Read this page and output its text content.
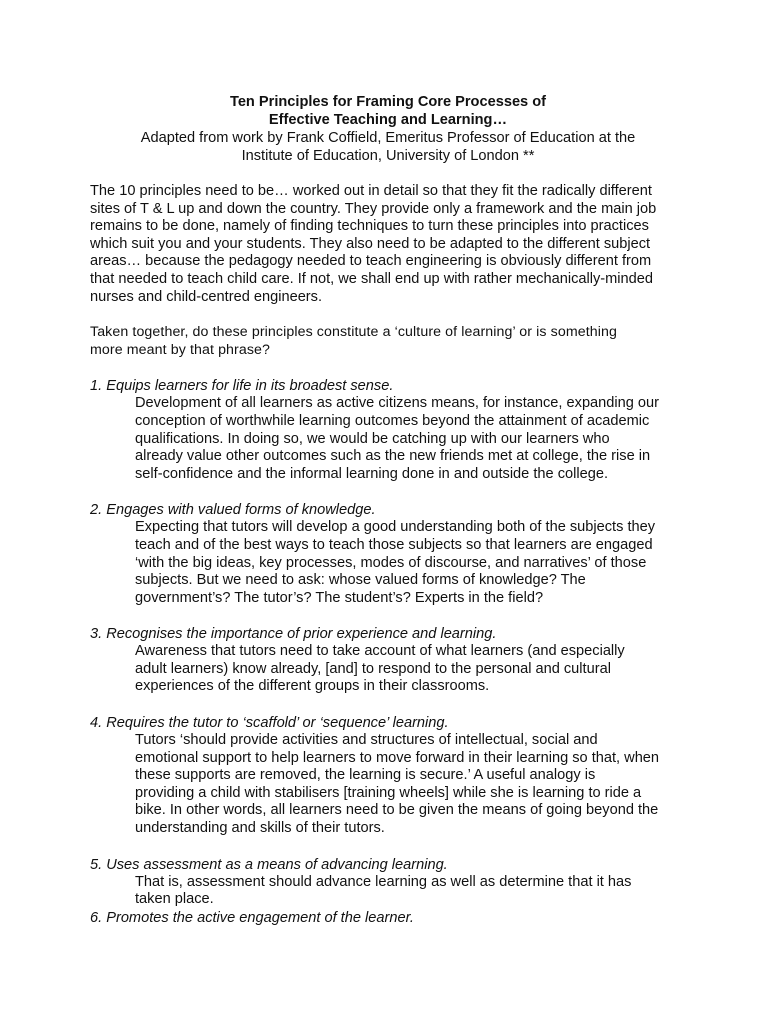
Ten Principles for Framing Core Processes of
Effective Teaching and Learning…

Adapted from work by Frank Coffield, Emeritus Professor of Education at the
Institute of Education, University of London **

The 10 principles need to be… worked out in detail so that they fit the radically different
sites of T & L up and down the country. They provide only a framework and the main job
remains to be done, namely of finding techniques to turn these principles into practices
which suit you and your students. They also need to be adapted to the different subject
areas… because the pedagogy needed to teach engineering is obviously different from
that needed to teach child care. If not, we shall end up with rather mechanically-minded
nurses and child-centred engineers.

Taken together, do these principles constitute a ‘culture of learning’ or is something
more meant by that phrase?

1. Equips learners for life in its broadest sense.

Development of all learners as active citizens means, for instance, expanding our
conception of worthwhile learning outcomes beyond the attainment of academic
qualifications. In doing so, we would be catching up with our learners who
already value other outcomes such as the new friends met at college, the rise in
self-confidence and the informal learning done in and outside the college.

2. Engages with valued forms of knowledge.

Expecting that tutors will develop a good understanding both of the subjects they
teach and of the best ways to teach those subjects so that learners are engaged
‘with the big ideas, key processes, modes of discourse, and narratives’ of those
subjects. But we need to ask: whose valued forms of knowledge? The
government’s? The tutor’s? The student’s? Experts in the field?

3. Recognises the importance of prior experience and learning.

Awareness that tutors need to take account of what learners (and especially
adult learners) know already, [and] to respond to the personal and cultural
experiences of the different groups in their classrooms.

4. Requires the tutor to ‘scaffold’ or ‘sequence’ learning.

Tutors ‘should provide activities and structures of intellectual, social and
emotional support to help learners to move forward in their learning so that, when
these supports are removed, the learning is secure.’ A useful analogy is
providing a child with stabilisers [training wheels] while she is learning to ride a
bike. In other words, all learners need to be given the means of going beyond the
understanding and skills of their tutors.

5. Uses assessment as a means of advancing learning.

That is, assessment should advance learning as well as determine that it has
taken place.

6. Promotes the active engagement of the learner.
